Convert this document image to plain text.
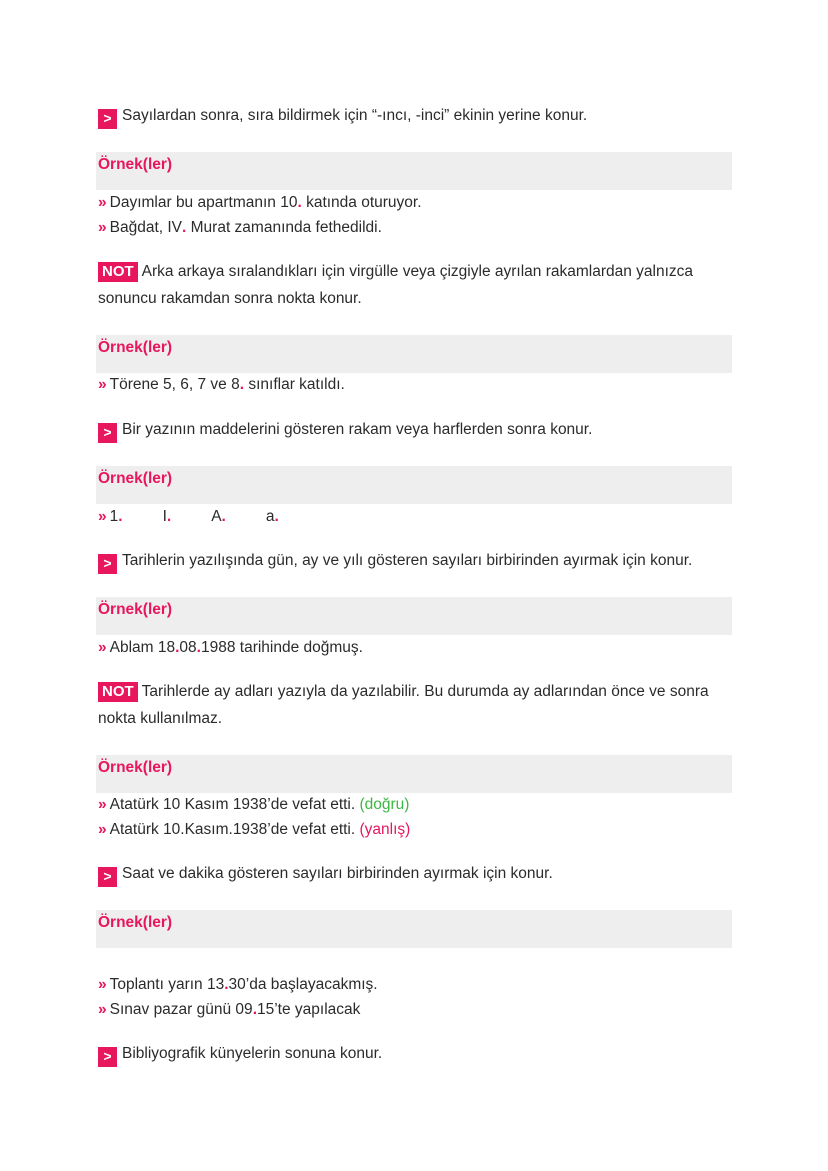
> Sayılardan sonra, sıra bildirmek için “-ıncı, -inci” ekinin yerine konur.
Örnek(ler)
» Dayımlar bu apartmanın 10. katında oturuyor.
» Bağdat, IV. Murat zamanında fethedildi.
NOT Arka arkaya sıralandıkları için virgülle veya çizgiyle ayrılan rakamlardan yalnızca sonuncu rakamdan sonra nokta konur.
Örnek(ler)
» Törene 5, 6, 7 ve 8. sınıflar katıldı.
> Bir yazının maddelerini gösteren rakam veya harflerden sonra konur.
Örnek(ler)
» 1.	I.	A.	a.
> Tarihlerin yazılışında gün, ay ve yılı gösteren sayıları birbirinden ayırmak için konur.
Örnek(ler)
» Ablam 18.08.1988 tarihinde doğmuş.
NOT Tarihlerde ay adları yazıyla da yazılabilir. Bu durumda ay adlarından önce ve sonra nokta kullanılmaz.
Örnek(ler)
» Atatürk 10 Kasım 1938’de vefat etti. (doğru)
» Atatürk 10.Kasım.1938’de vefat etti. (yanlış)
> Saat ve dakika gösteren sayıları birbirinden ayırmak için konur.
Örnek(ler)
» Toplantı yarın 13.30’da başlayacakmış.
» Sınav pazar günü 09.15’te yapılacak
> Bibliyografik künyelerin sonuna konur.
